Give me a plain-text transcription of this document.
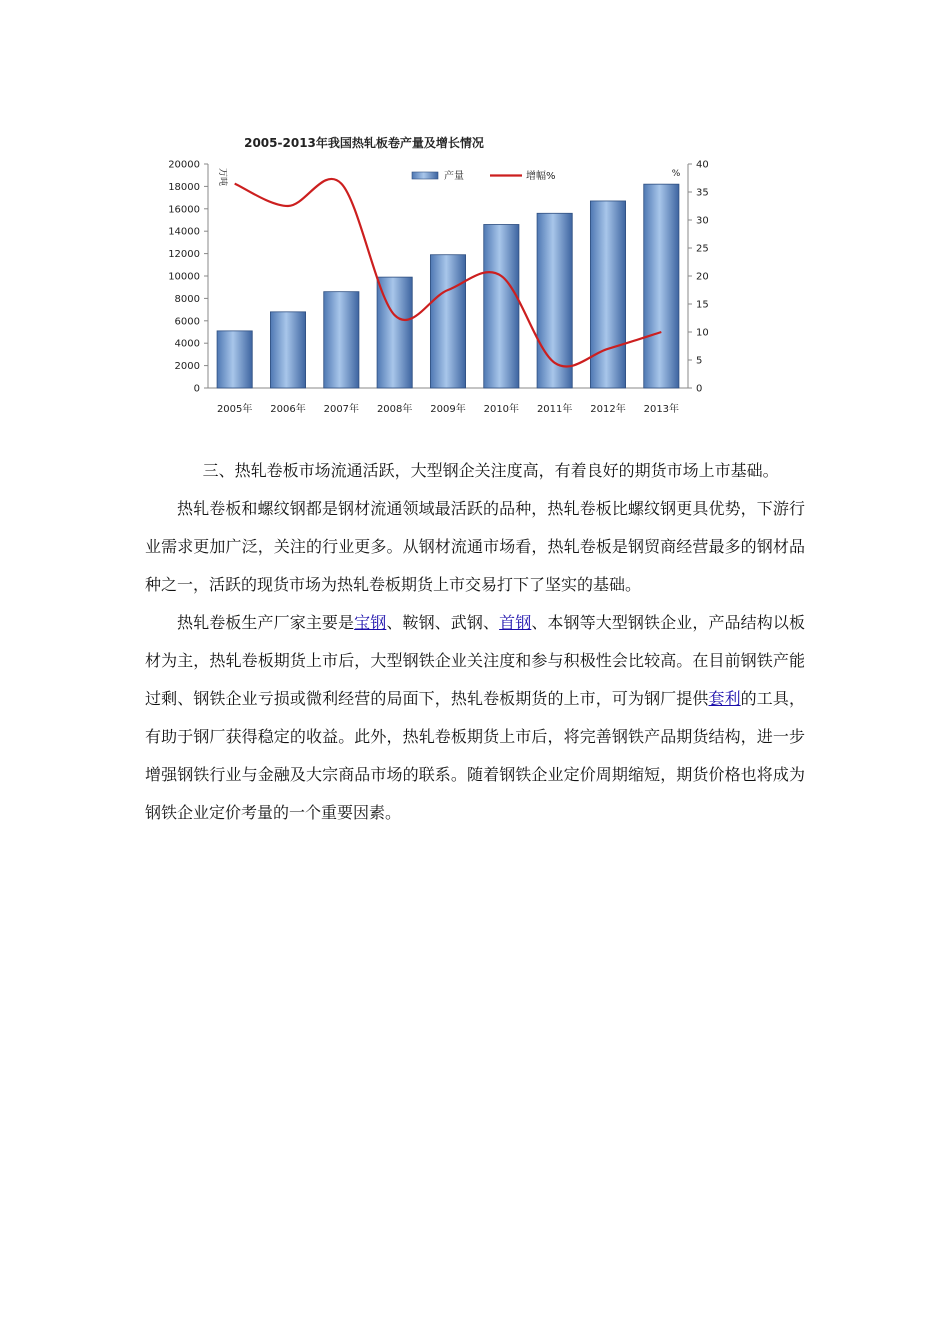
2005-2013年我国热轧板卷产量及增长情况
0
2000
4000
6000
8000
10000
12000
14000
16000
18000
20000
0
5
10
15
20
25
30
35
40
万吨	%
2005年 2006年 2007年 2008年 2009年 2010年 2011年 2012年 2013年
产量	增幅%

三、热轧卷板市场流通活跃，大型钢企关注度高，有着良好的期货市场上市基础。

热轧卷板和螺纹钢都是钢材流通领域最活跃的品种，热轧卷板比螺纹钢更具优势，下游行业需求更加广泛，关注的行业更多。从钢材流通市场看，热轧卷板是钢贸商经营最多的钢材品种之一，活跃的现货市场为热轧卷板期货上市交易打下了坚实的基础。

热轧卷板生产厂家主要是宝钢、鞍钢、武钢、首钢、本钢等大型钢铁企业，产品结构以板材为主，热轧卷板期货上市后，大型钢铁企业关注度和参与积极性会比较高。在目前钢铁产能过剩、钢铁企业亏损或微利经营的局面下，热轧卷板期货的上市，可为钢厂提供套利的工具，有助于钢厂获得稳定的收益。此外，热轧卷板期货上市后，将完善钢铁产品期货结构，进一步增强钢铁行业与金融及大宗商品市场的联系。随着钢铁企业定价周期缩短，期货价格也将成为钢铁企业定价考量的一个重要因素。
